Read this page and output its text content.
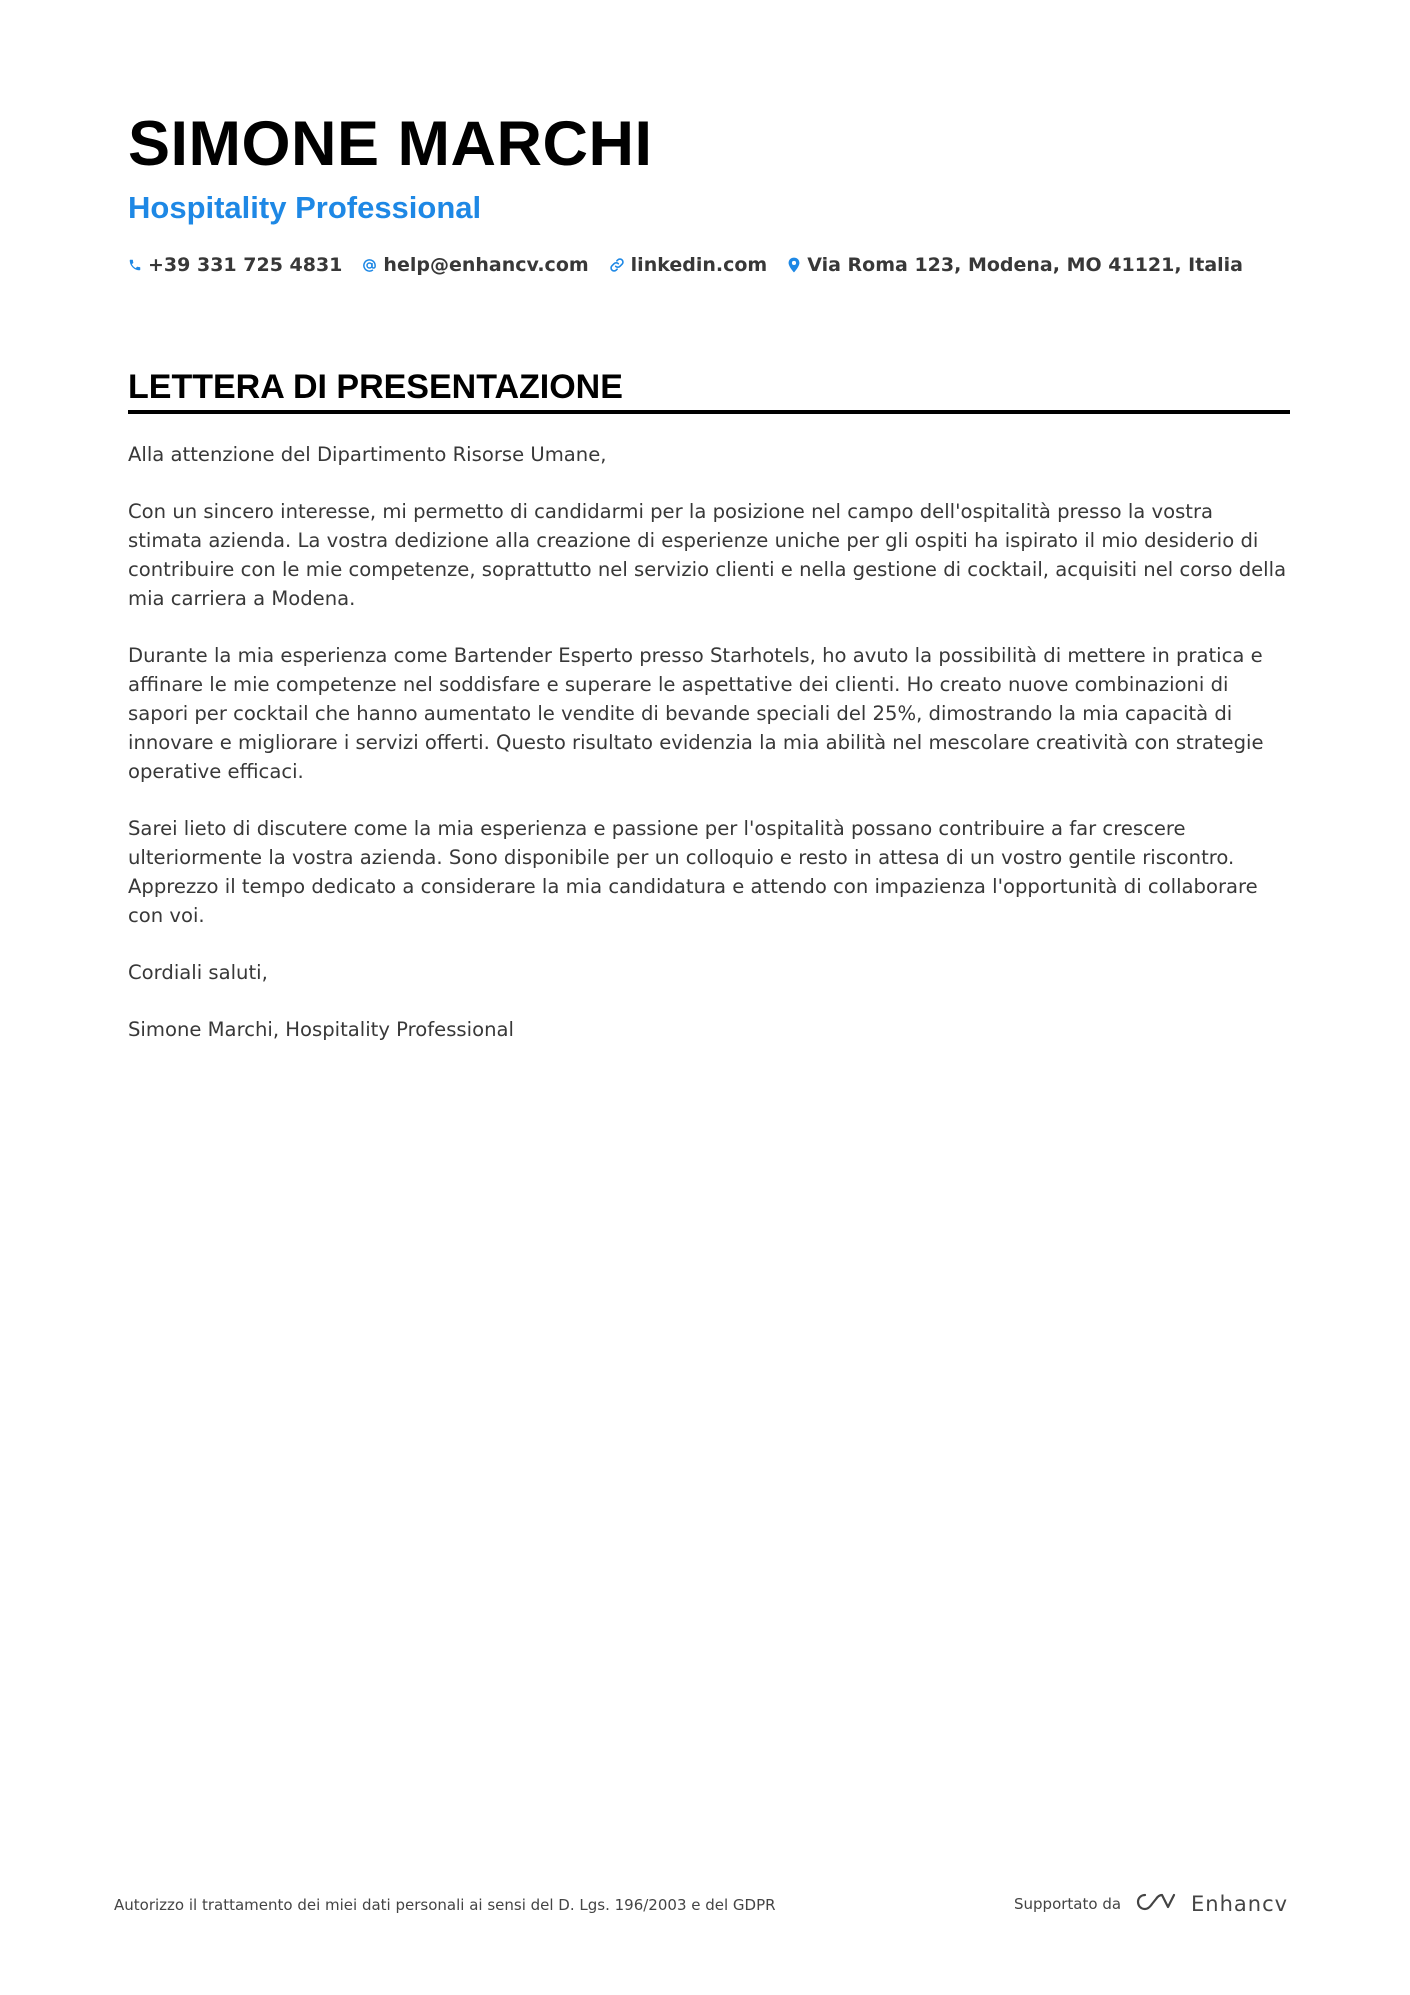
SIMONE MARCHI
Hospitality Professional
+39 331 725 4831 help@enhancv.com linkedin.com Via Roma 123, Modena, MO 41121, Italia
LETTERA DI PRESENTAZIONE

Alla attenzione del Dipartimento Risorse Umane,

Con un sincero interesse, mi permetto di candidarmi per la posizione nel campo dell'ospitalità presso la vostra stimata azienda. La vostra dedizione alla creazione di esperienze uniche per gli ospiti ha ispirato il mio desiderio di contribuire con le mie competenze, soprattutto nel servizio clienti e nella gestione di cocktail, acquisiti nel corso della mia carriera a Modena.

Durante la mia esperienza come Bartender Esperto presso Starhotels, ho avuto la possibilità di mettere in pratica e affinare le mie competenze nel soddisfare e superare le aspettative dei clienti. Ho creato nuove combinazioni di sapori per cocktail che hanno aumentato le vendite di bevande speciali del 25%, dimostrando la mia capacità di innovare e migliorare i servizi offerti. Questo risultato evidenzia la mia abilità nel mescolare creatività con strategie operative efficaci.

Sarei lieto di discutere come la mia esperienza e passione per l'ospitalità possano contribuire a far crescere ulteriormente la vostra azienda. Sono disponibile per un colloquio e resto in attesa di un vostro gentile riscontro. Apprezzo il tempo dedicato a considerare la mia candidatura e attendo con impazienza l'opportunità di collaborare con voi.

Cordiali saluti,

Simone Marchi, Hospitality Professional

Autorizzo il trattamento dei miei dati personali ai sensi del D. Lgs. 196/2003 e del GDPR	Supportato da	Enhancv
